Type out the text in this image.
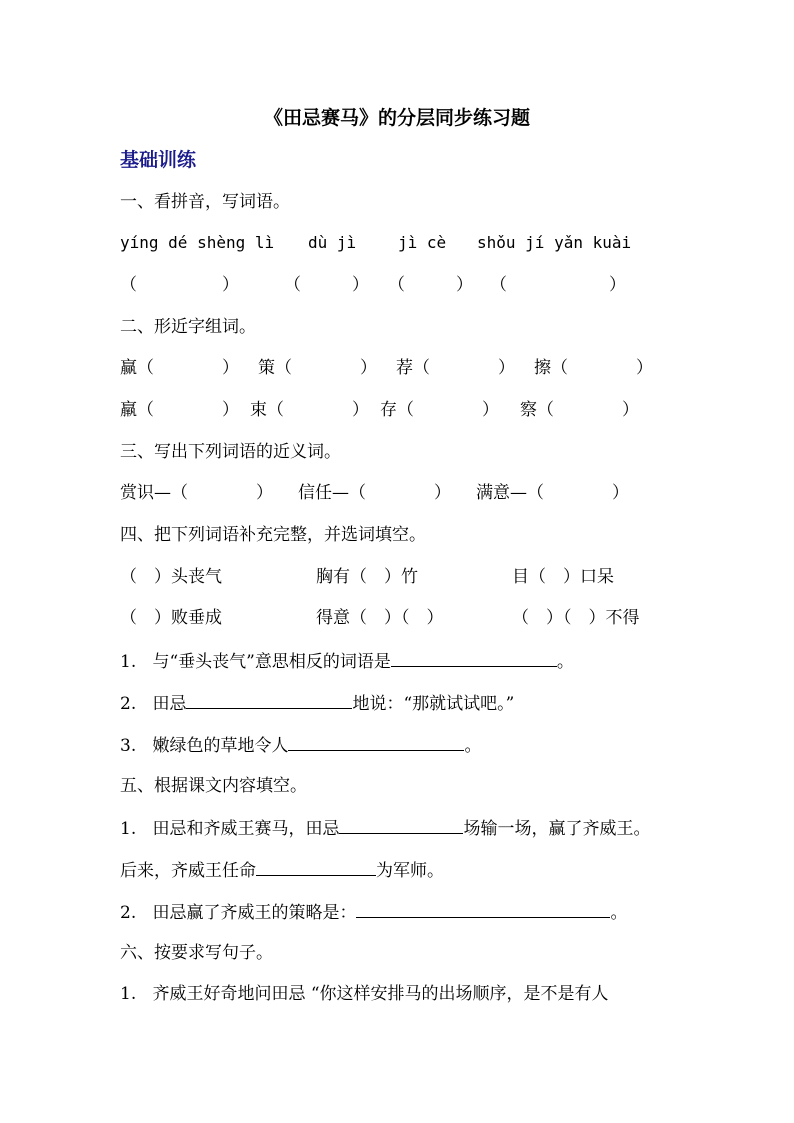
《田忌赛马》的分层同步练习题
基础训练
一、看拼音，写词语。
yíng dé shèng lì dù jì	jì cè shǒu jí yǎn kuài
（　　　　　）	（　　　） （　　　） （　　　　　　）
二、形近字组词。
赢（　　　　） 策（　　　　） 荐（　　　　） 擦（　　　　）
羸（　　　　） 束（　　　　） 存（　　　　） 察（　　　　）
三、写出下列词语的近义词。
赏识—（　　　　） 信任—（　　　　） 满意—（　　　　）
四、把下列词语补充完整，并选词填空。
（　）头丧气	胸有（　）竹	目（　）口呆
（　）败垂成	得意（　）（　）	（　）（　）不得
1. 与“垂头丧气”意思相反的词语是	。
2. 田忌	地说：“那就试试吧。”
3. 嫩绿色的草地令人	。
五、根据课文内容填空。
1. 田忌和齐威王赛马，田忌	场输一场，赢了齐威王。
后来，齐威王任命	为军师。
2. 田忌赢了齐威王的策略是：	。
六、按要求写句子。
1. 齐威王好奇地问田忌 “你这样安排马的出场顺序，是不是有人
